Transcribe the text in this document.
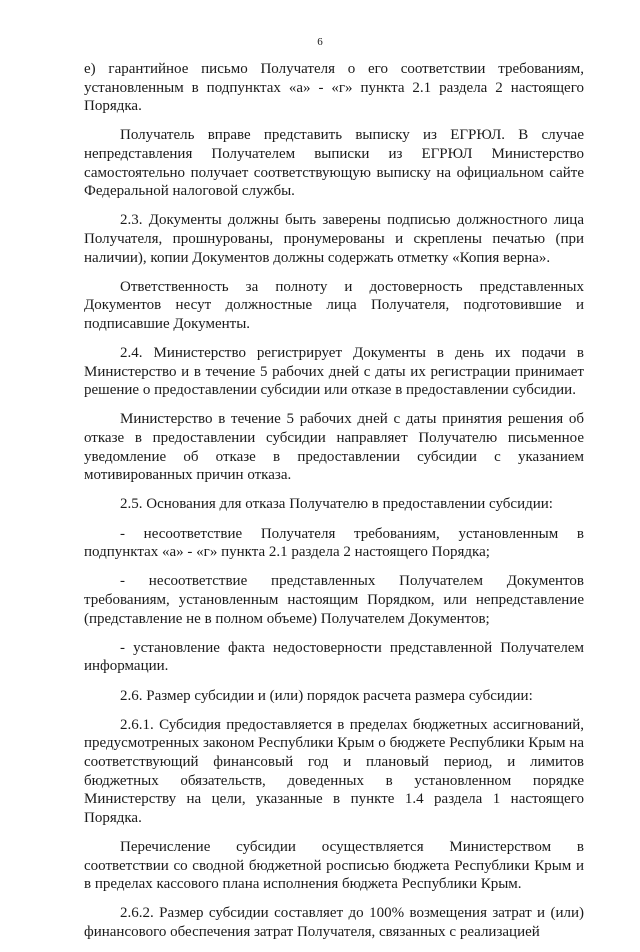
6

е) гарантийное письмо Получателя о его соответствии требованиям, установленным в подпунктах «а» - «г» пункта 2.1 раздела 2 настоящего Порядка.

Получатель вправе представить выписку из ЕГРЮЛ. В случае непредставления Получателем выписки из ЕГРЮЛ Министерство самостоятельно получает соответствующую выписку на официальном сайте Федеральной налоговой службы.

2.3. Документы должны быть заверены подписью должностного лица Получателя, прошнурованы, пронумерованы и скреплены печатью (при наличии), копии Документов должны содержать отметку «Копия верна».

Ответственность за полноту и достоверность представленных Документов несут должностные лица Получателя, подготовившие и подписавшие Документы.

2.4. Министерство регистрирует Документы в день их подачи в Министерство и в течение 5 рабочих дней с даты их регистрации принимает решение о предоставлении субсидии или отказе в предоставлении субсидии.

Министерство в течение 5 рабочих дней с даты принятия решения об отказе в предоставлении субсидии направляет Получателю письменное уведомление об отказе в предоставлении субсидии с указанием мотивированных причин отказа.

2.5. Основания для отказа Получателю в предоставлении субсидии:

- несоответствие Получателя требованиям, установленным в подпунктах «а» - «г» пункта 2.1 раздела 2 настоящего Порядка;

- несоответствие представленных Получателем Документов требованиям, установленным настоящим Порядком, или непредставление (представление не в полном объеме) Получателем Документов;

- установление факта недостоверности представленной Получателем информации.

2.6. Размер субсидии и (или) порядок расчета размера субсидии:

2.6.1. Субсидия предоставляется в пределах бюджетных ассигнований, предусмотренных законом Республики Крым о бюджете Республики Крым на соответствующий финансовый год и плановый период, и лимитов бюджетных обязательств, доведенных в установленном порядке Министерству на цели, указанные в пункте 1.4 раздела 1 настоящего Порядка.

Перечисление субсидии осуществляется Министерством в соответствии со сводной бюджетной росписью бюджета Республики Крым и в пределах кассового плана исполнения бюджета Республики Крым.

2.6.2. Размер субсидии составляет до 100% возмещения затрат и (или) финансового обеспечения затрат Получателя, связанных с реализацией
